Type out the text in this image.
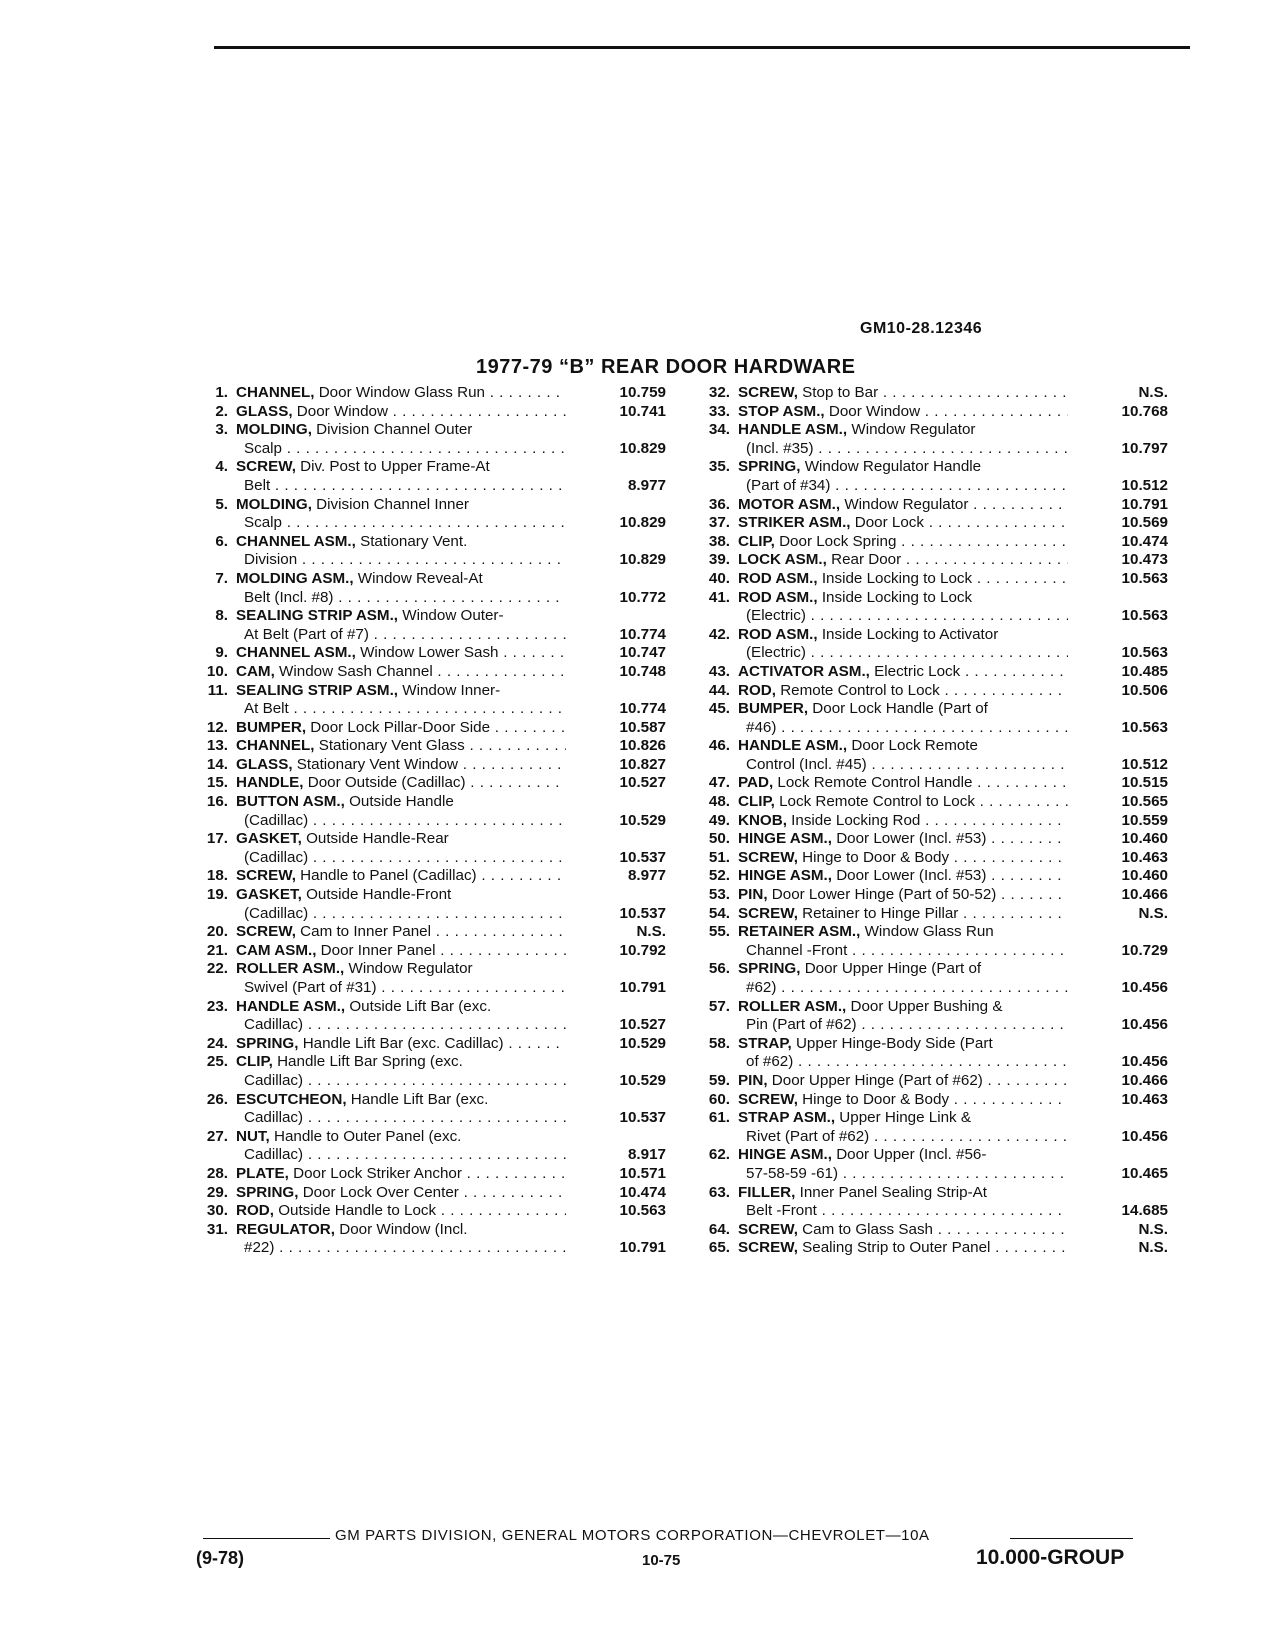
GM10-28.12346
1977-79 “B” REAR DOOR HARDWARE
1. CHANNEL, Door Window Glass Run . . .	10.759
2. GLASS, Door Window . . .	10.741
3. MOLDING, Division Channel Outer
Scalp . . .	10.829
4. SCREW, Div. Post to Upper Frame-At
Belt . . .	8.977
5. MOLDING, Division Channel Inner
Scalp . . .	10.829
6. CHANNEL ASM., Stationary Vent.
Division . . .	10.829
7. MOLDING ASM., Window Reveal-At
Belt (Incl. #8) . . .	10.772
8. SEALING STRIP ASM., Window Outer-
At Belt (Part of #7) . . .	10.774
9. CHANNEL ASM., Window Lower Sash . . .	10.747
10. CAM, Window Sash Channel . . .	10.748
11. SEALING STRIP ASM., Window Inner-
At Belt . . .	10.774
12. BUMPER, Door Lock Pillar-Door Side . . .	10.587
13. CHANNEL, Stationary Vent Glass . . .	10.826
14. GLASS, Stationary Vent Window . . .	10.827
15. HANDLE, Door Outside (Cadillac) . . .	10.527
16. BUTTON ASM., Outside Handle
(Cadillac) . . .	10.529
17. GASKET, Outside Handle-Rear
(Cadillac) . . .	10.537
18. SCREW, Handle to Panel (Cadillac) . . .	8.977
19. GASKET, Outside Handle-Front
(Cadillac) . . .	10.537
20. SCREW, Cam to Inner Panel . . .	N.S.
21. CAM ASM., Door Inner Panel . . .	10.792
22. ROLLER ASM., Window Regulator
Swivel (Part of #31) . . .	10.791
23. HANDLE ASM., Outside Lift Bar (exc.
Cadillac) . . .	10.527
24. SPRING, Handle Lift Bar (exc. Cadillac) . . .	10.529
25. CLIP, Handle Lift Bar Spring (exc.
Cadillac) . . .	10.529
26. ESCUTCHEON, Handle Lift Bar (exc.
Cadillac) . . .	10.537
27. NUT, Handle to Outer Panel (exc.
Cadillac) . . .	8.917
28. PLATE, Door Lock Striker Anchor . . .	10.571
29. SPRING, Door Lock Over Center . . .	10.474
30. ROD, Outside Handle to Lock . . .	10.563
31. REGULATOR, Door Window (Incl.
#22) . . .	10.791
32. SCREW, Stop to Bar . . .	N.S.
33. STOP ASM., Door Window . . .	10.768
34. HANDLE ASM., Window Regulator
(Incl. #35) . . .	10.797
35. SPRING, Window Regulator Handle
(Part of #34) . . .	10.512
36. MOTOR ASM., Window Regulator . . .	10.791
37. STRIKER ASM., Door Lock . . .	10.569
38. CLIP, Door Lock Spring . . .	10.474
39. LOCK ASM., Rear Door . . .	10.473
40. ROD ASM., Inside Locking to Lock . . .	10.563
41. ROD ASM., Inside Locking to Lock
(Electric) . . .	10.563
42. ROD ASM., Inside Locking to Activator
(Electric) . . .	10.563
43. ACTIVATOR ASM., Electric Lock . . .	10.485
44. ROD, Remote Control to Lock . . .	10.506
45. BUMPER, Door Lock Handle (Part of
#46) . . .	10.563
46. HANDLE ASM., Door Lock Remote
Control (Incl. #45) . . .	10.512
47. PAD, Lock Remote Control Handle . . .	10.515
48. CLIP, Lock Remote Control to Lock . . .	10.565
49. KNOB, Inside Locking Rod . . .	10.559
50. HINGE ASM., Door Lower (Incl. #53) . . .	10.460
51. SCREW, Hinge to Door & Body . . .	10.463
52. HINGE ASM., Door Lower (Incl. #53) . . .	10.460
53. PIN, Door Lower Hinge (Part of 50-52) . . .	10.466
54. SCREW, Retainer to Hinge Pillar . . .	N.S.
55. RETAINER ASM., Window Glass Run
Channel -Front . . .	10.729
56. SPRING, Door Upper Hinge (Part of
#62) . . .	10.456
57. ROLLER ASM., Door Upper Bushing &
Pin (Part of #62) . . .	10.456
58. STRAP, Upper Hinge-Body Side (Part
of #62) . . .	10.456
59. PIN, Door Upper Hinge (Part of #62) . . .	10.466
60. SCREW, Hinge to Door & Body . . .	10.463
61. STRAP ASM., Upper Hinge Link &
Rivet (Part of #62) . . .	10.456
62. HINGE ASM., Door Upper (Incl. #56-
57-58-59 -61) . . .	10.465
63. FILLER, Inner Panel Sealing Strip-At
Belt -Front . . .	14.685
64. SCREW, Cam to Glass Sash . . .	N.S.
65. SCREW, Sealing Strip to Outer Panel . . .	N.S.
GM PARTS DIVISION, GENERAL MOTORS CORPORATION—CHEVROLET—10A
(9-78)	10-75	10.000-GROUP
